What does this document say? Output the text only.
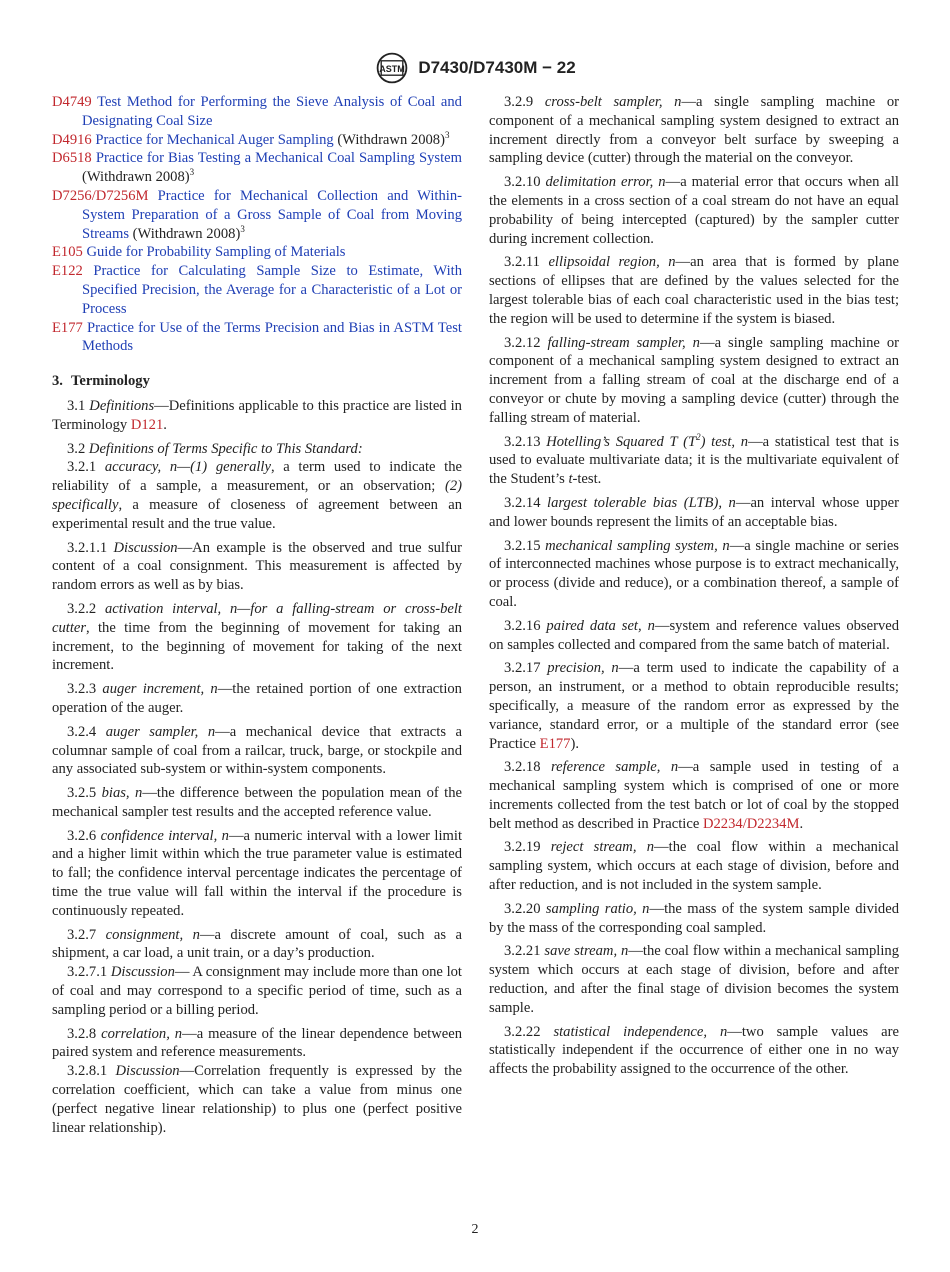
ASTM D7430/D7430M − 22
D4749 Test Method for Performing the Sieve Analysis of Coal and Designating Coal Size
D4916 Practice for Mechanical Auger Sampling (Withdrawn 2008)$^3$
D6518 Practice for Bias Testing a Mechanical Coal Sampling System (Withdrawn 2008)$^3$
D7256/D7256M Practice for Mechanical Collection and Within-System Preparation of a Gross Sample of Coal from Moving Streams (Withdrawn 2008)$^3$
E105 Guide for Probability Sampling of Materials
E122 Practice for Calculating Sample Size to Estimate, With Specified Precision, the Average for a Characteristic of a Lot or Process
E177 Practice for Use of the Terms Precision and Bias in ASTM Test Methods
3. Terminology

3.1 Definitions—Definitions applicable to this practice are listed in Terminology D121.

3.2 Definitions of Terms Specific to This Standard:

3.2.1 accuracy, n—(1) generally, a term used to indicate the reliability of a sample, a measurement, or an observation; (2) specifically, a measure of closeness of agreement between an experimental result and the true value.

3.2.1.1 Discussion—An example is the observed and true sulfur content of a coal consignment. This measurement is affected by random errors as well as by bias.

3.2.2 activation interval, n—for a falling-stream or cross-belt cutter, the time from the beginning of movement for taking an increment, to the beginning of movement for taking of the next increment.

3.2.3 auger increment, n—the retained portion of one extraction operation of the auger.

3.2.4 auger sampler, n—a mechanical device that extracts a columnar sample of coal from a railcar, truck, barge, or stockpile and any associated sub-system or within-system components.

3.2.5 bias, n—the difference between the population mean of the mechanical sampler test results and the accepted reference value.

3.2.6 confidence interval, n—a numeric interval with a lower limit and a higher limit within which the true parameter value is estimated to fall; the confidence interval percentage indicates the percentage of time the true value will fall within the interval if the procedure is continuously repeated.

3.2.7 consignment, n—a discrete amount of coal, such as a shipment, a car load, a unit train, or a day’s production.

3.2.7.1 Discussion— A consignment may include more than one lot of coal and may correspond to a specific period of time, such as a sampling period or a billing period.

3.2.8 correlation, n—a measure of the linear dependence between paired system and reference measurements.

3.2.8.1 Discussion—Correlation frequently is expressed by the correlation coefficient, which can take a value from minus one (perfect negative linear relationship) to plus one (perfect positive linear relationship).

3.2.9 cross-belt sampler, n—a single sampling machine or component of a mechanical sampling system designed to extract an increment directly from a conveyor belt surface by sweeping a sampling device (cutter) through the material on the conveyor.

3.2.10 delimitation error, n—a material error that occurs when all the elements in a cross section of a coal stream do not have an equal probability of being intercepted (captured) by the sampler cutter during increment collection.

3.2.11 ellipsoidal region, n—an area that is formed by plane sections of ellipses that are defined by the values selected for the largest tolerable bias of each coal characteristic used in the bias test; the region will be used to determine if the system is biased.

3.2.12 falling-stream sampler, n—a single sampling machine or component of a mechanical sampling system designed to extract an increment from a falling stream of coal at the discharge end of a conveyor or chute by moving a sampling device (cutter) through the falling stream of material.

3.2.13 Hotelling’s Squared T $(T^2)$ test, n—a statistical test that is used to evaluate multivariate data; it is the multivariate equivalent of the Student’s t-test.

3.2.14 largest tolerable bias (LTB), n—an interval whose upper and lower bounds represent the limits of an acceptable bias.

3.2.15 mechanical sampling system, n—a single machine or series of interconnected machines whose purpose is to extract mechanically, or process (divide and reduce), or a combination thereof, a sample of coal.

3.2.16 paired data set, n—system and reference values observed on samples collected and compared from the same batch of material.

3.2.17 precision, n—a term used to indicate the capability of a person, an instrument, or a method to obtain reproducible results; specifically, a measure of the random error as expressed by the variance, standard error, or a multiple of the standard error (see Practice E177).

3.2.18 reference sample, n—a sample used in testing of a mechanical sampling system which is comprised of one or more increments collected from the test batch or lot of coal by the stopped belt method as described in Practice D2234/D2234M.

3.2.19 reject stream, n—the coal flow within a mechanical sampling system, which occurs at each stage of division, before and after reduction, and is not included in the system sample.

3.2.20 sampling ratio, n—the mass of the system sample divided by the mass of the corresponding coal sampled.

3.2.21 save stream, n—the coal flow within a mechanical sampling system which occurs at each stage of division, before and after reduction, and after the final stage of division becomes the system sample.

3.2.22 statistical independence, n—two sample values are statistically independent if the occurrence of either one in no way affects the probability assigned to the occurrence of the other.

2
